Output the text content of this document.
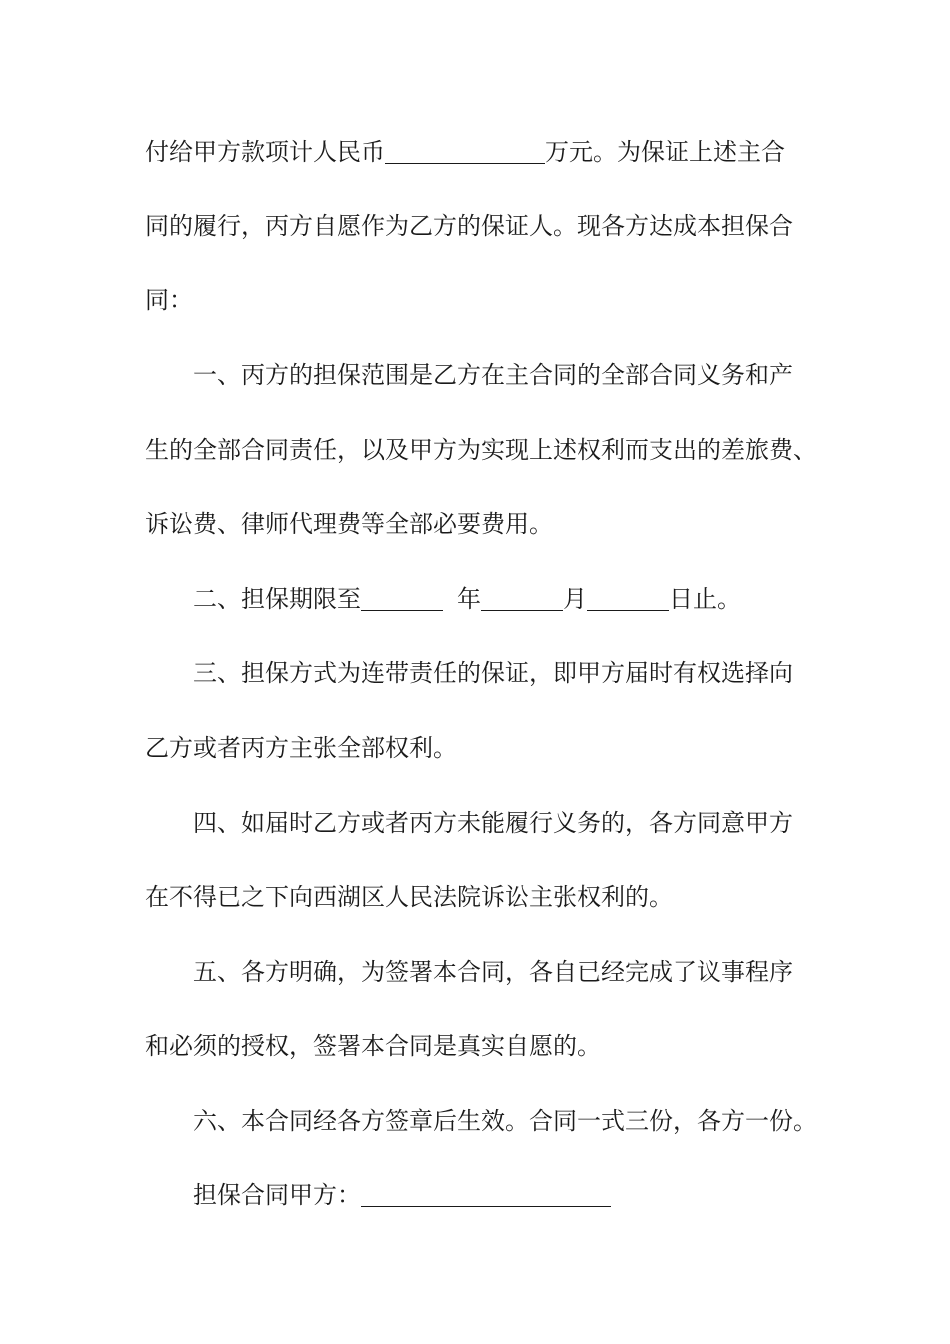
付给甲方款项计人民币	万元。为保证上述主合
同的履行，丙方自愿作为乙方的保证人。现各方达成本担保合
同：
一、丙方的担保范围是乙方在主合同的全部合同义务和产
生的全部合同责任，以及甲方为实现上述权利而支出的差旅费、
诉讼费、律师代理费等全部必要费用。
二、担保期限至	年	月	日止。
三、担保方式为连带责任的保证，即甲方届时有权选择向
乙方或者丙方主张全部权利。
四、如届时乙方或者丙方未能履行义务的，各方同意甲方
在不得已之下向西湖区人民法院诉讼主张权利的。
五、各方明确，为签署本合同，各自已经完成了议事程序
和必须的授权，签署本合同是真实自愿的。
六、本合同经各方签章后生效。合同一式三份，各方一份。
担保合同甲方：
